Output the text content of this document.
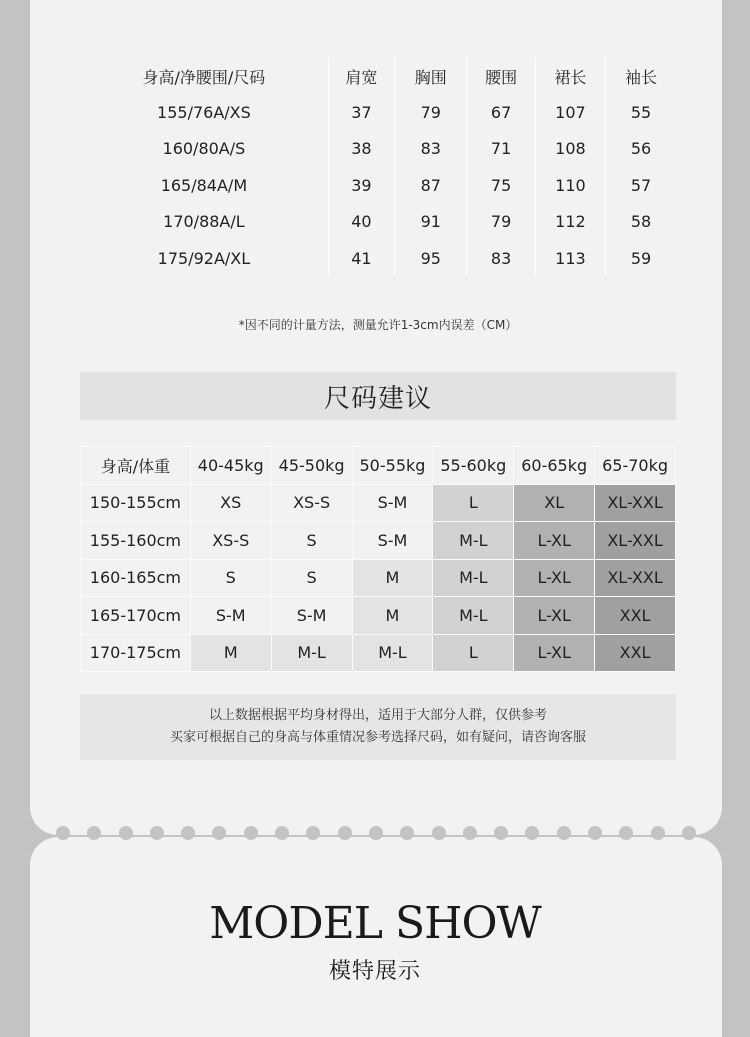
身高/净腰围/尺码	肩宽	胸围	腰围	裙长	袖长
155/76A/XS	37	79	67	107	55
160/80A/S	38	83	71	108	56
165/84A/M	39	87	75	110	57
170/88A/L	40	91	79	112	58
175/92A/XL	41	95	83	113	59
*因不同的计量方法，测量允许1-3cm内误差（CM）
尺码建议
身高/体重	40-45kg	45-50kg	50-55kg	55-60kg	60-65kg	65-70kg
150-155cm	XS	XS-S	S-M	L	XL	XL-XXL
155-160cm	XS-S	S	S-M	M-L	L-XL	XL-XXL
160-165cm	S	S	M	M-L	L-XL	XL-XXL
165-170cm	S-M	S-M	M	M-L	L-XL	XXL
170-175cm	M	M-L	M-L	L	L-XL	XXL
以上数据根据平均身材得出，适用于大部分人群，仅供参考
买家可根据自己的身高与体重情况参考选择尺码，如有疑问，请咨询客服
MODEL SHOW
模特展示
